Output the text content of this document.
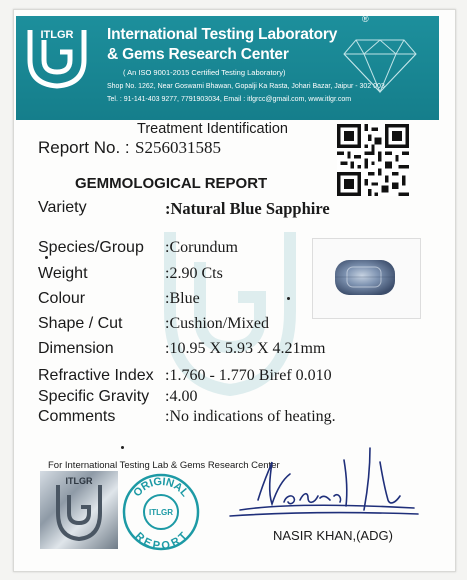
ITLGR
®
International Testing Laboratory
& Gems Research Center
( An ISO 9001-2015 Certified Testing Laboratory)
Shop No. 1262, Near Goswami Bhawan, Gopalji Ka Rasta, Johari Bazar, Jaipur - 302 003
Tel. : 91-141-403 9277, 7791903034, Email : itlgrcc@gmail.com, www.itlgr.com
Treatment Identification
Report No. : S256031585
GEMMOLOGICAL REPORT
Variety	:Natural Blue Sapphire
Species/Group :Corundum
Weight	:2.90 Cts
Colour	:Blue
Shape / Cut	:Cushion/Mixed
Dimension	:10.95 X 5.93 X 4.21mm
Refractive Index :1.760 - 1.770 Biref 0.010
Specific Gravity :4.00
Comments	:No indications of heating.
For International Testing Lab & Gems Research Center
ITLGR
ORIGINAL
REPORT
ITLGR
NASIR KHAN,(ADG)
